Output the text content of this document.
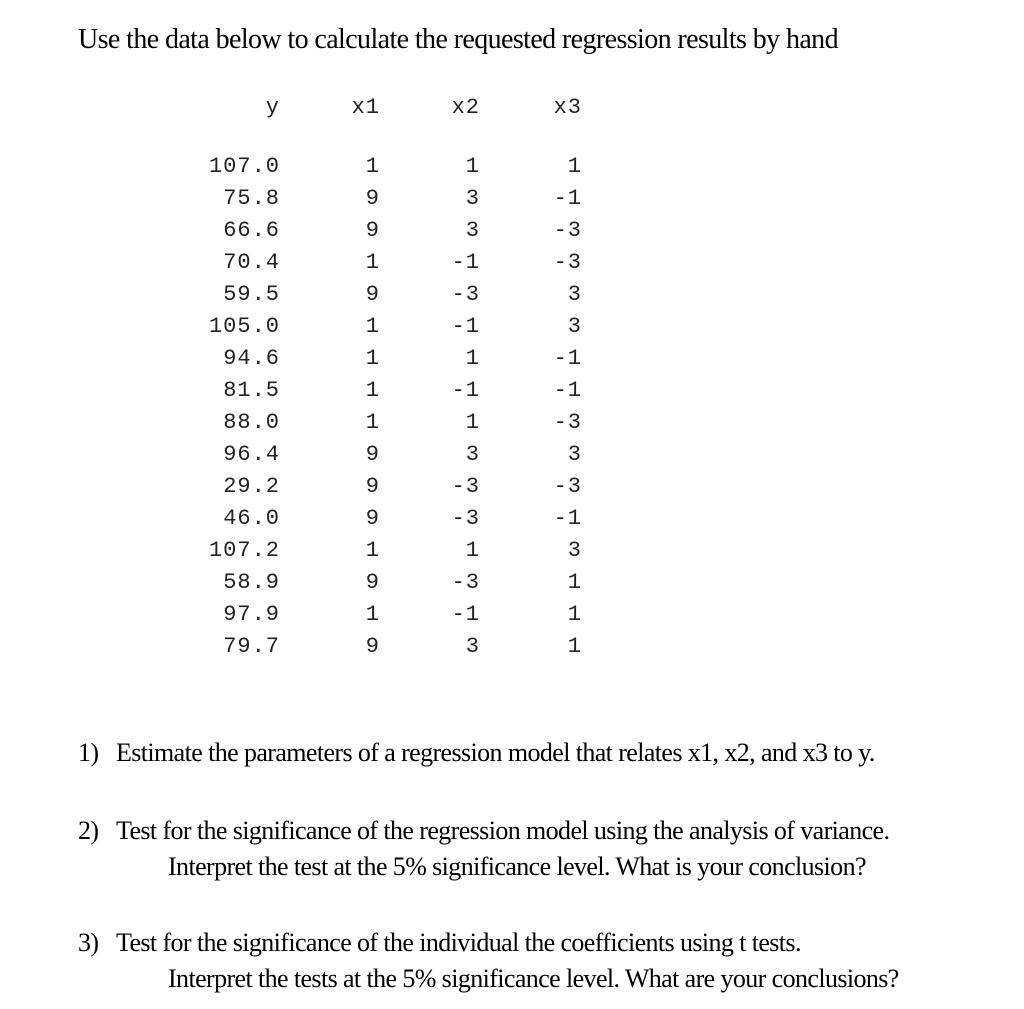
Use the data below to calculate the requested regression results by hand
y	x1	x2	x3
107.0	1	1	1
75.8	9	3	-1
66.6	9	3	-3
70.4	1	-1	-3
59.5	9	-3	3
105.0	1	-1	3
94.6	1	1	-1
81.5	1	-1	-1
88.0	1	1	-3
96.4	9	3	3
29.2	9	-3	-3
46.0	9	-3	-1
107.2	1	1	3
58.9	9	-3	1
97.9	1	-1	1
79.7	9	3	1
1) Estimate the parameters of a regression model that relates x1, x2, and x3 to y.
2) Test for the significance of the regression model using the analysis of variance.
Interpret the test at the 5% significance level. What is your conclusion?
3) Test for the significance of the individual the coefficients using t tests.
Interpret the tests at the 5% significance level. What are your conclusions?
